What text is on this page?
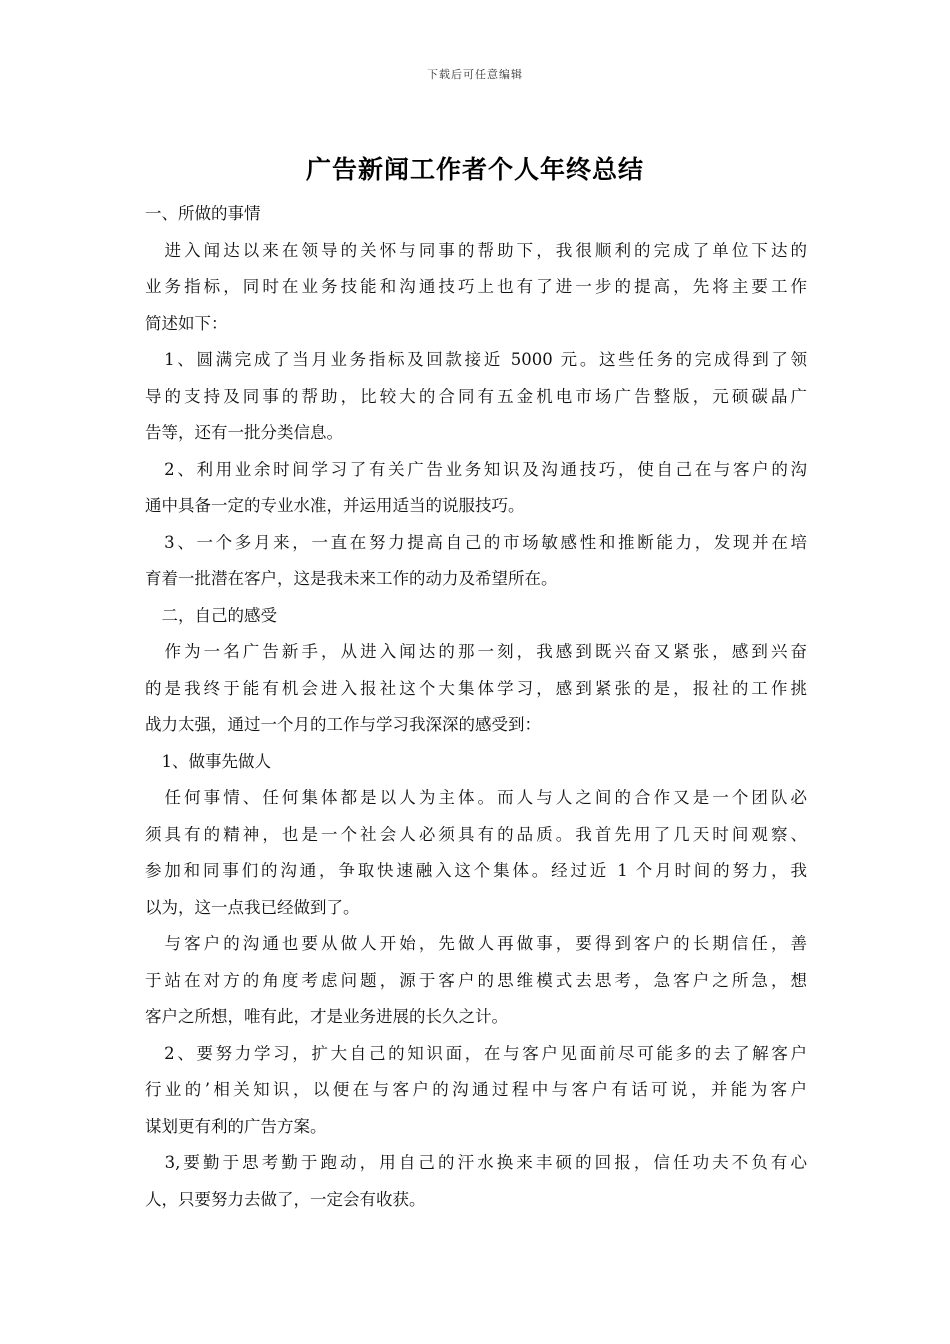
下载后可任意编辑
广告新闻工作者个人年终总结
一、所做的事情
　进入闻达以来在领导的关怀与同事的帮助下，我很顺利的完成了单位下达的
业务指标，同时在业务技能和沟通技巧上也有了进一步的提高，先将主要工作
简述如下：
　1、圆满完成了当月业务指标及回款接近 5000 元。这些任务的完成得到了领
导的支持及同事的帮助，比较大的合同有五金机电市场广告整版，元硕碳晶广
告等，还有一批分类信息。
　2、利用业余时间学习了有关广告业务知识及沟通技巧，使自己在与客户的沟
通中具备一定的专业水准，并运用适当的说服技巧。
　3、一个多月来，一直在努力提高自己的市场敏感性和推断能力，发现并在培
育着一批潜在客户，这是我未来工作的动力及希望所在。
　二，自己的感受
　作为一名广告新手，从进入闻达的那一刻，我感到既兴奋又紧张，感到兴奋
的是我终于能有机会进入报社这个大集体学习，感到紧张的是，报社的工作挑
战力太强，通过一个月的工作与学习我深深的感受到：
　1、做事先做人
　任何事情、任何集体都是以人为主体。而人与人之间的合作又是一个团队必
须具有的精神，也是一个社会人必须具有的品质。我首先用了几天时间观察、
参加和同事们的沟通，争取快速融入这个集体。经过近 1 个月时间的努力，我
以为，这一点我已经做到了。
　与客户的沟通也要从做人开始，先做人再做事，要得到客户的长期信任，善
于站在对方的角度考虑问题，源于客户的思维模式去思考，急客户之所急，想
客户之所想，唯有此，才是业务进展的长久之计。
　2、要努力学习，扩大自己的知识面，在与客户见面前尽可能多的去了解客户
行业的’相关知识，以便在与客户的沟通过程中与客户有话可说，并能为客户
谋划更有利的广告方案。
　3,要勤于思考勤于跑动，用自己的汗水换来丰硕的回报，信任功夫不负有心
人，只要努力去做了，一定会有收获。
